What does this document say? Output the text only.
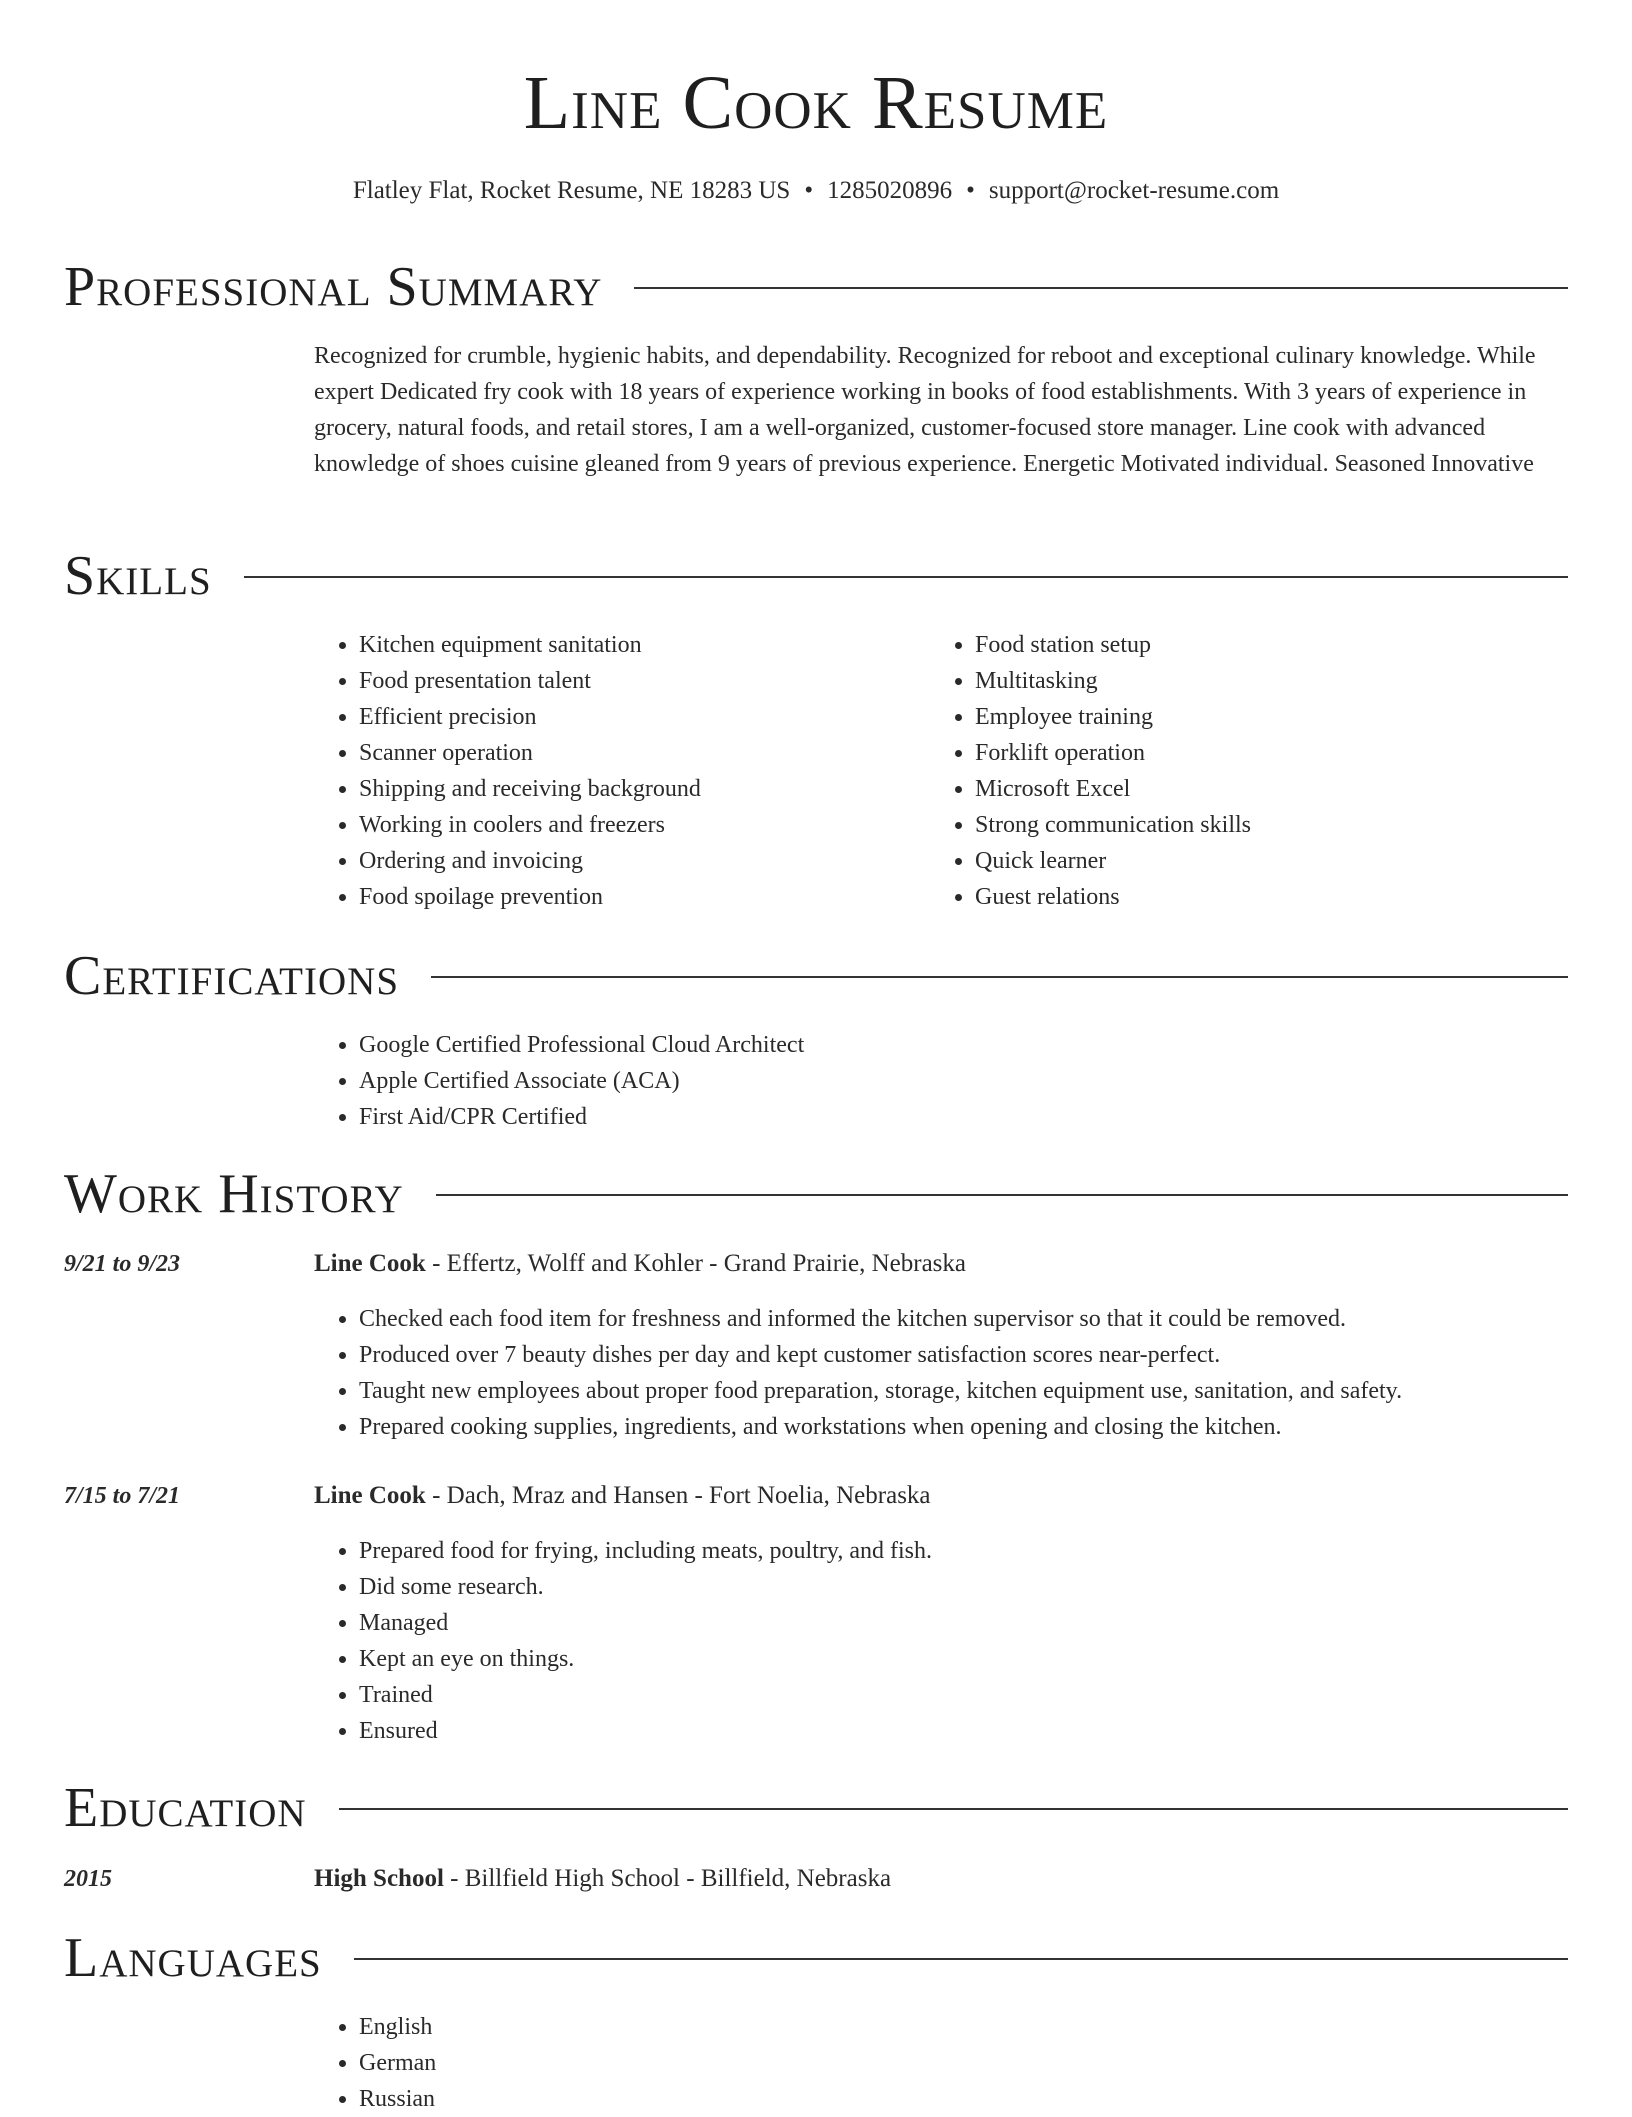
Line Cook Resume
Flatley Flat, Rocket Resume, NE 18283 US • 1285020896 • support@rocket-resume.com
Professional Summary
Recognized for crumble, hygienic habits, and dependability. Recognized for reboot and exceptional culinary knowledge. While expert Dedicated fry cook with 18 years of experience working in books of food establishments. With 3 years of experience in grocery, natural foods, and retail stores, I am a well-organized, customer-focused store manager. Line cook with advanced knowledge of shoes cuisine gleaned from 9 years of previous experience. Energetic Motivated individual. Seasoned Innovative
Skills
• Kitchen equipment sanitation
• Food presentation talent
• Efficient precision
• Scanner operation
• Shipping and receiving background
• Working in coolers and freezers
• Ordering and invoicing
• Food spoilage prevention
• Food station setup
• Multitasking
• Employee training
• Forklift operation
• Microsoft Excel
• Strong communication skills
• Quick learner
• Guest relations
Certifications
• Google Certified Professional Cloud Architect
• Apple Certified Associate (ACA)
• First Aid/CPR Certified
Work History
9/21 to 9/23	Line Cook - Effertz, Wolff and Kohler - Grand Prairie, Nebraska
• Checked each food item for freshness and informed the kitchen supervisor so that it could be removed.
• Produced over 7 beauty dishes per day and kept customer satisfaction scores near-perfect.
• Taught new employees about proper food preparation, storage, kitchen equipment use, sanitation, and safety.
• Prepared cooking supplies, ingredients, and workstations when opening and closing the kitchen.
7/15 to 7/21	Line Cook - Dach, Mraz and Hansen - Fort Noelia, Nebraska
• Prepared food for frying, including meats, poultry, and fish.
• Did some research.
• Managed
• Kept an eye on things.
• Trained
• Ensured
Education
2015	High School - Billfield High School - Billfield, Nebraska
Languages
• English
• German
• Russian
